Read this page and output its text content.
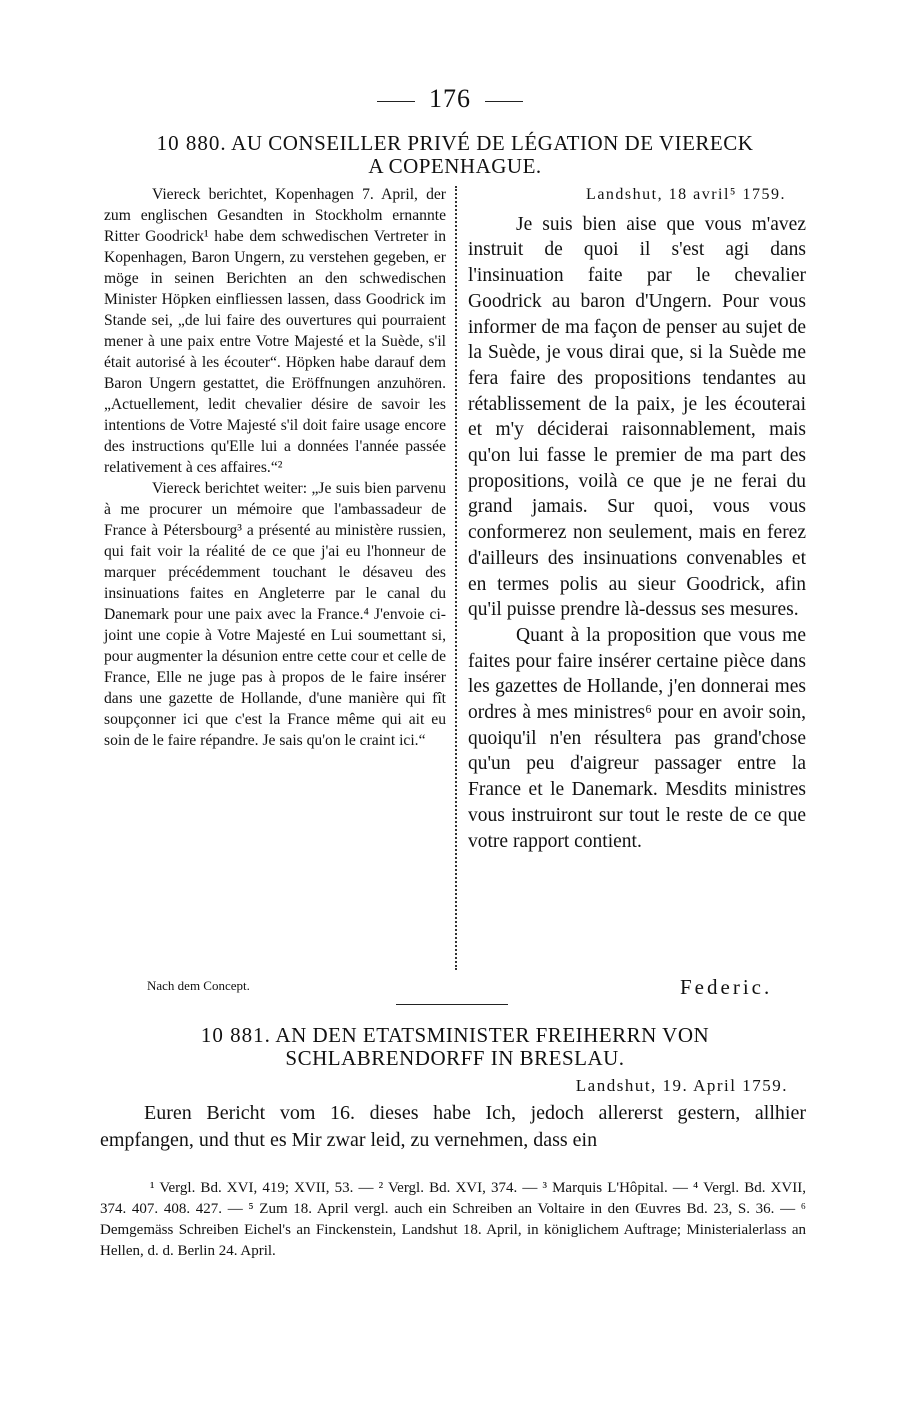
176
10 880. AU CONSEILLER PRIVÉ DE LÉGATION DE VIERECK
A COPENHAGUE.

Viereck berichtet, Kopenhagen 7. April, der zum englischen Gesandten in Stockholm ernannte Ritter Goodrick¹ habe dem schwedischen Vertreter in Kopenhagen, Baron Ungern, zu verstehen gegeben, er möge in seinen Berichten an den schwedischen Minister Höpken einfliessen lassen, dass Goodrick im Stande sei, „de lui faire des ouvertures qui pourraient mener à une paix entre Votre Majesté et la Suède, s'il était autorisé à les écouter“. Höpken habe darauf dem Baron Ungern gestattet, die Eröffnungen anzuhören. „Actuellement, ledit chevalier désire de savoir les intentions de Votre Majesté s'il doit faire usage encore des instructions qu'Elle lui a données l'année passée relativement à ces affaires.“²

Viereck berichtet weiter: „Je suis bien parvenu à me procurer un mémoire que l'ambassadeur de France à Pétersbourg³ a présenté au ministère russien, qui fait voir la réalité de ce que j'ai eu l'honneur de marquer précédemment touchant le désaveu des insinuations faites en Angleterre par le canal du Danemark pour une paix avec la France.⁴ J'envoie ci-joint une copie à Votre Majesté en Lui soumettant si, pour augmenter la désunion entre cette cour et celle de France, Elle ne juge pas à propos de le faire insérer dans une gazette de Hollande, d'une manière qui fît soupçonner ici que c'est la France même qui ait eu soin de le faire répandre. Je sais qu'on le craint ici.“

Landshut, 18 avril⁵ 1759.

Je suis bien aise que vous m'avez instruit de quoi il s'est agi dans l'insinuation faite par le chevalier Goodrick au baron d'Ungern. Pour vous informer de ma façon de penser au sujet de la Suède, je vous dirai que, si la Suède me fera faire des propositions tendantes au rétablissement de la paix, je les écouterai et m'y déciderai raisonnablement, mais qu'on lui fasse le premier de ma part des propositions, voilà ce que je ne ferai du grand jamais. Sur quoi, vous vous conformerez non seulement, mais en ferez d'ailleurs des insinuations convenables et en termes polis au sieur Goodrick, afin qu'il puisse prendre là-dessus ses mesures.

Quant à la proposition que vous me faites pour faire insérer certaine pièce dans les gazettes de Hollande, j'en donnerai mes ordres à mes ministres⁶ pour en avoir soin, quoiqu'il n'en résultera pas grand'chose qu'un peu d'aigreur passager entre la France et le Danemark. Mesdits ministres vous instruiront sur tout le reste de ce que votre rapport contient.

Nach dem Concept.	Federic.
10 881. AN DEN ETATSMINISTER FREIHERRN VON
SCHLABRENDORFF IN BRESLAU.
Landshut, 19. April 1759.

Euren Bericht vom 16. dieses habe Ich, jedoch allererst gestern, allhier empfangen, und thut es Mir zwar leid, zu vernehmen, dass ein

¹ Vergl. Bd. XVI, 419; XVII, 53. — ² Vergl. Bd. XVI, 374. — ³ Marquis L'Hôpital. — ⁴ Vergl. Bd. XVII, 374. 407. 408. 427. — ⁵ Zum 18. April vergl. auch ein Schreiben an Voltaire in den Œuvres Bd. 23, S. 36. — ⁶ Demgemäss Schreiben Eichel's an Finckenstein, Landshut 18. April, in königlichem Auftrage; Ministerialerlass an Hellen, d. d. Berlin 24. April.
